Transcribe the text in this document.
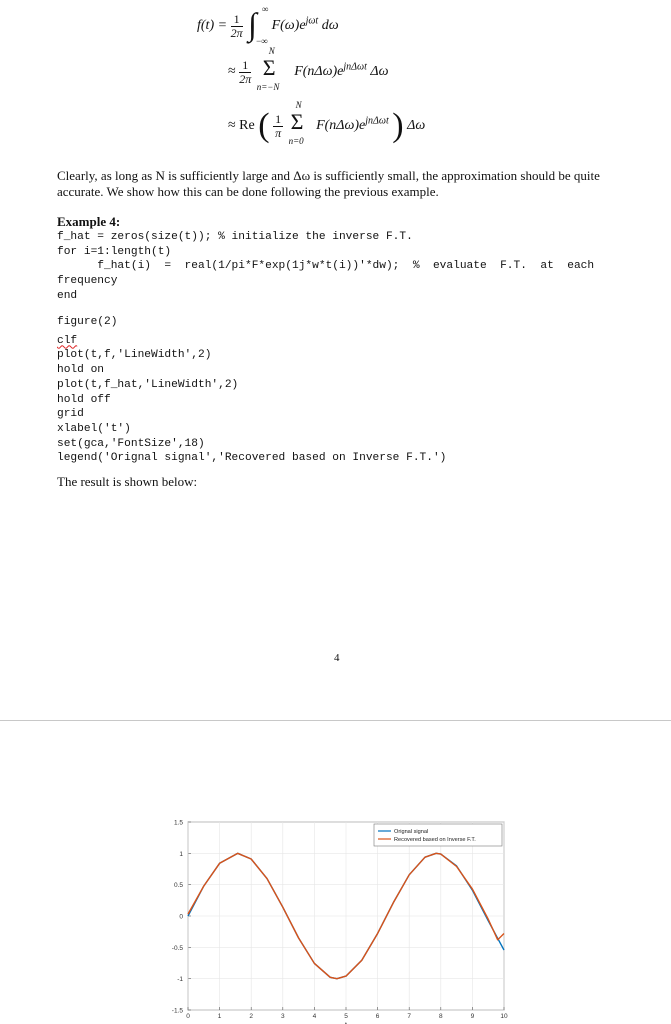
$f(t) = \frac{1}{2\pi}$
∫ ∞
−∞
$F(\omega)e^{j\omega t}$ dω
≈ $\frac{1}{2\pi}$

N
Σ
n=−N
$F(n\Delta\omega)e^{jn\Delta\omega t}$ Δω
≈ Re ( $\frac{1}{\pi}$

N
Σ
n=0
$F(n\Delta\omega)e^{jn\Delta\omega t}$ ) Δω
Clearly, as long as N is sufficiently large and Δω is sufficiently small, the approximation should be quite accurate. We show how this can be done following the previous example.
Example 4:
f_hat = zeros(size(t)); % initialize the inverse F.T.
for i=1:length(t)
f_hat(i)  =  real(1/pi*F*exp(1j*w*t(i))'*dw);  %  evaluate  F.T.  at  each
frequency
end
figure(2)
clf
plot(t,f,'LineWidth',2)
hold on
plot(t,f_hat,'LineWidth',2)
hold off
grid
xlabel('t')
set(gca,'FontSize',18)
legend('Orignal signal','Recovered based on Inverse F.T.')
The result is shown below:
4
1.5
1
0.5
0
-0.5
-1
-1.5
0	1	2	3	4	5	6	7	8	9	10
Orignal signal
Recovered based on Inverse F.T.
